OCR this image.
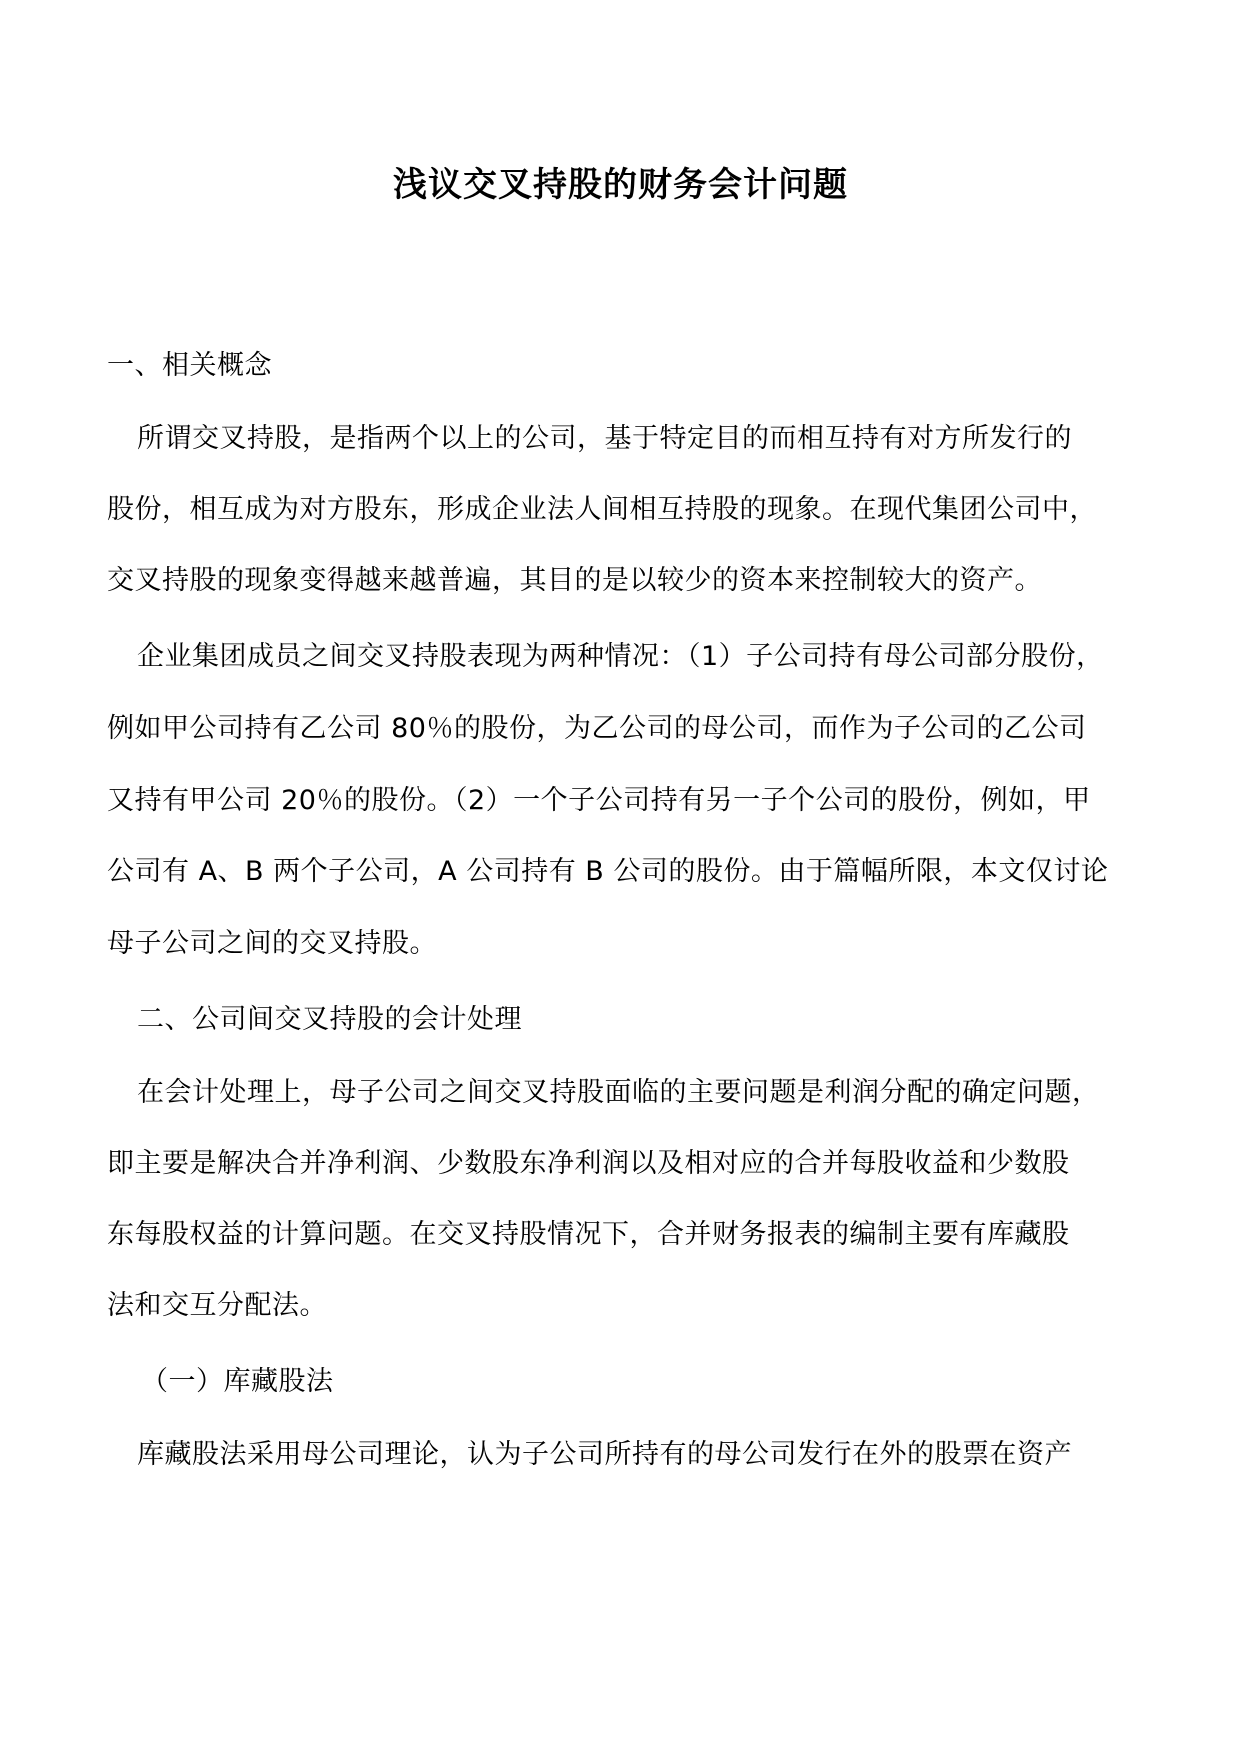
浅议交叉持股的财务会计问题
一、相关概念
所谓交叉持股，是指两个以上的公司，基于特定目的而相互持有对方所发行的
股份，相互成为对方股东，形成企业法人间相互持股的现象。在现代集团公司中，
交叉持股的现象变得越来越普遍，其目的是以较少的资本来控制较大的资产。
企业集团成员之间交叉持股表现为两种情况：（1）子公司持有母公司部分股份，
例如甲公司持有乙公司 80％的股份，为乙公司的母公司，而作为子公司的乙公司
又持有甲公司 20％的股份。（2）一个子公司持有另一子个公司的股份，例如，甲
公司有 A、B 两个子公司，A 公司持有 B 公司的股份。由于篇幅所限，本文仅讨论
母子公司之间的交叉持股。
二、公司间交叉持股的会计处理
在会计处理上，母子公司之间交叉持股面临的主要问题是利润分配的确定问题，
即主要是解决合并净利润、少数股东净利润以及相对应的合并每股收益和少数股
东每股权益的计算问题。在交叉持股情况下，合并财务报表的编制主要有库藏股
法和交互分配法。
（一）库藏股法
库藏股法采用母公司理论，认为子公司所持有的母公司发行在外的股票在资产
